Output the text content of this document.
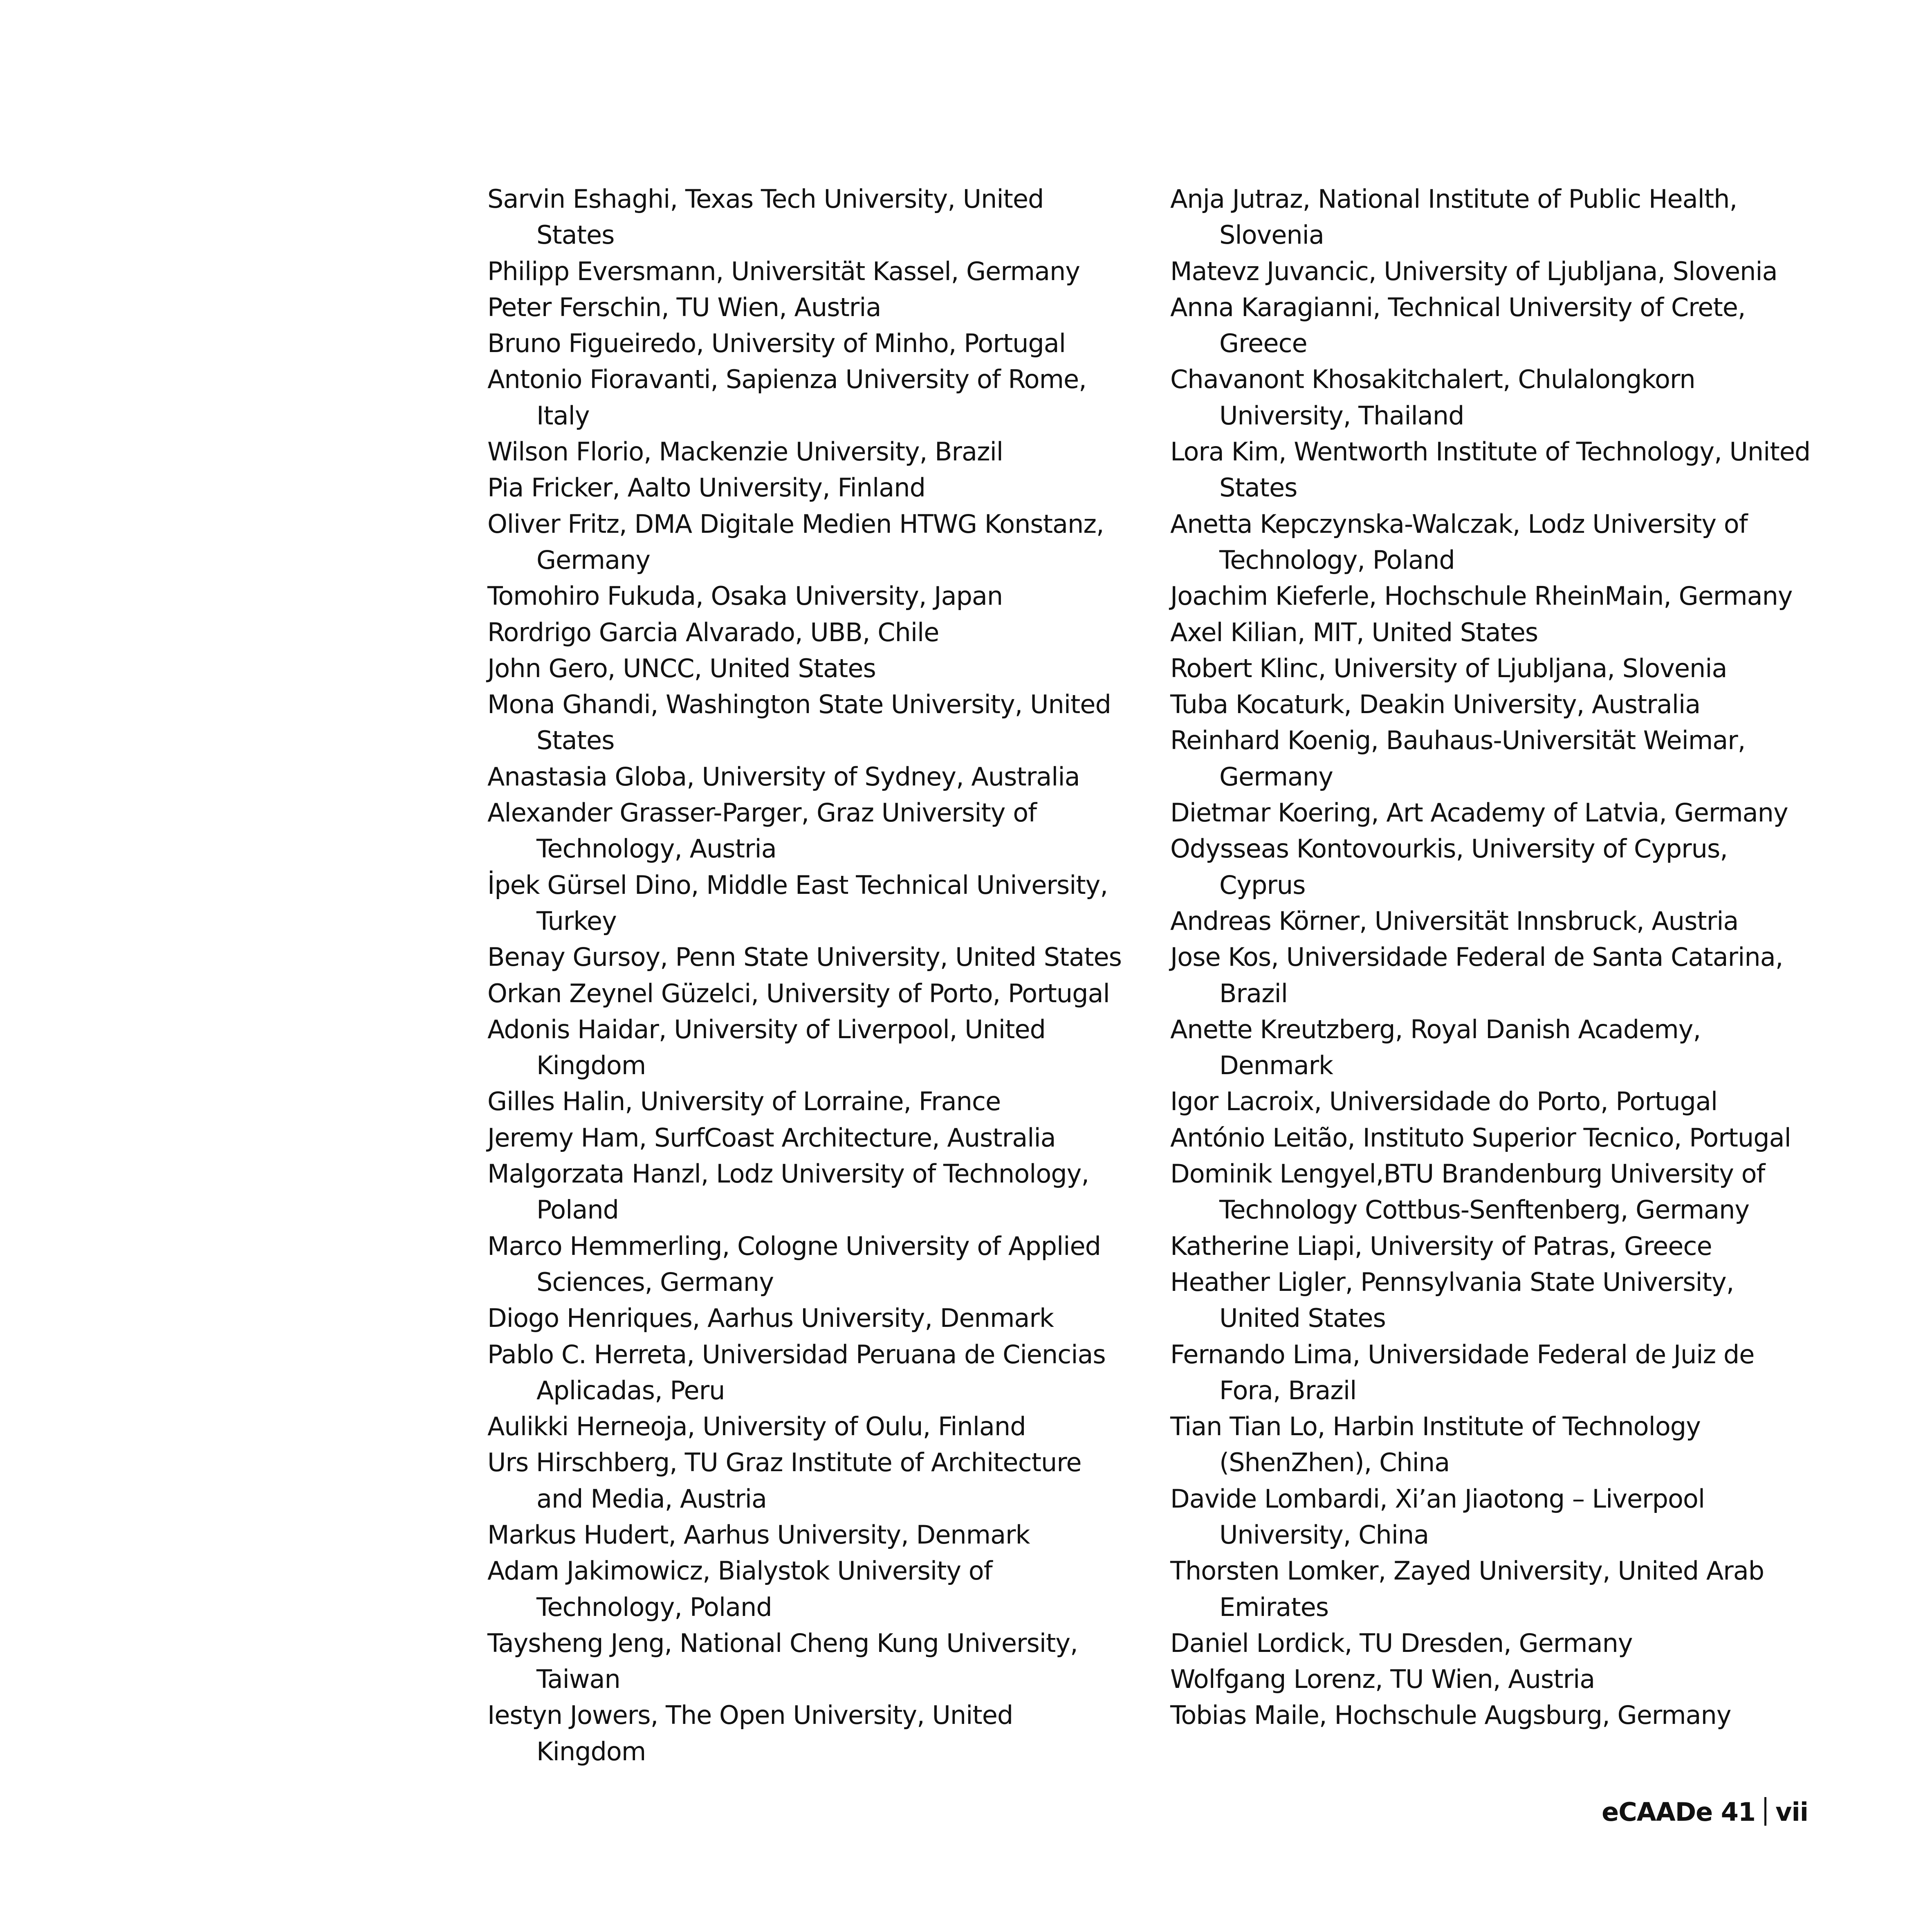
Sarvin Eshaghi, Texas Tech University, United States

Philipp Eversmann, Universität Kassel, Germany

Peter Ferschin, TU Wien, Austria

Bruno Figueiredo, University of Minho, Portugal

Antonio Fioravanti, Sapienza University of Rome, Italy

Wilson Florio, Mackenzie University, Brazil

Pia Fricker, Aalto University, Finland

Oliver Fritz, DMA Digitale Medien HTWG Konstanz, Germany

Tomohiro Fukuda, Osaka University, Japan

Rordrigo Garcia Alvarado, UBB, Chile

John Gero, UNCC, United States

Mona Ghandi, Washington State University, United States

Anastasia Globa, University of Sydney, Australia

Alexander Grasser-Parger, Graz University of Technology, Austria

İpek Gürsel Dino, Middle East Technical University, Turkey

Benay Gursoy, Penn State University, United States

Orkan Zeynel Güzelci, University of Porto, Portugal

Adonis Haidar, University of Liverpool, United Kingdom

Gilles Halin, University of Lorraine, France

Jeremy Ham, SurfCoast Architecture, Australia

Malgorzata Hanzl, Lodz University of Technology, Poland

Marco Hemmerling, Cologne University of Applied Sciences, Germany

Diogo Henriques, Aarhus University, Denmark

Pablo C. Herreta, Universidad Peruana de Ciencias Aplicadas, Peru

Aulikki Herneoja, University of Oulu, Finland

Urs Hirschberg, TU Graz Institute of Architecture and Media, Austria

Markus Hudert, Aarhus University, Denmark

Adam Jakimowicz, Bialystok University of Technology, Poland

Taysheng Jeng, National Cheng Kung University, Taiwan

Iestyn Jowers, The Open University, United Kingdom

Anja Jutraz, National Institute of Public Health, Slovenia

Matevz Juvancic, University of Ljubljana, Slovenia

Anna Karagianni, Technical University of Crete, Greece

Chavanont Khosakitchalert, Chulalongkorn University, Thailand

Lora Kim, Wentworth Institute of Technology, United States

Anetta Kepczynska-Walczak, Lodz University of Technology, Poland

Joachim Kieferle, Hochschule RheinMain, Germany

Axel Kilian, MIT, United States

Robert Klinc, University of Ljubljana, Slovenia

Tuba Kocaturk, Deakin University, Australia

Reinhard Koenig, Bauhaus-Universität Weimar, Germany

Dietmar Koering, Art Academy of Latvia, Germany

Odysseas Kontovourkis, University of Cyprus, Cyprus

Andreas Körner, Universität Innsbruck, Austria

Jose Kos, Universidade Federal de Santa Catarina, Brazil

Anette Kreutzberg, Royal Danish Academy, Denmark

Igor Lacroix, Universidade do Porto, Portugal

António Leitão, Instituto Superior Tecnico, Portugal

Dominik Lengyel,BTU Brandenburg University of Technology Cottbus-Senftenberg, Germany

Katherine Liapi, University of Patras, Greece

Heather Ligler, Pennsylvania State University, United States

Fernando Lima, Universidade Federal de Juiz de Fora, Brazil

Tian Tian Lo, Harbin Institute of Technology (ShenZhen), China

Davide Lombardi, Xi’an Jiaotong – Liverpool University, China

Thorsten Lomker, Zayed University, United Arab Emirates

Daniel Lordick, TU Dresden, Germany

Wolfgang Lorenz, TU Wien, Austria

Tobias Maile, Hochschule Augsburg, Germany

eCAADe 41 vii
